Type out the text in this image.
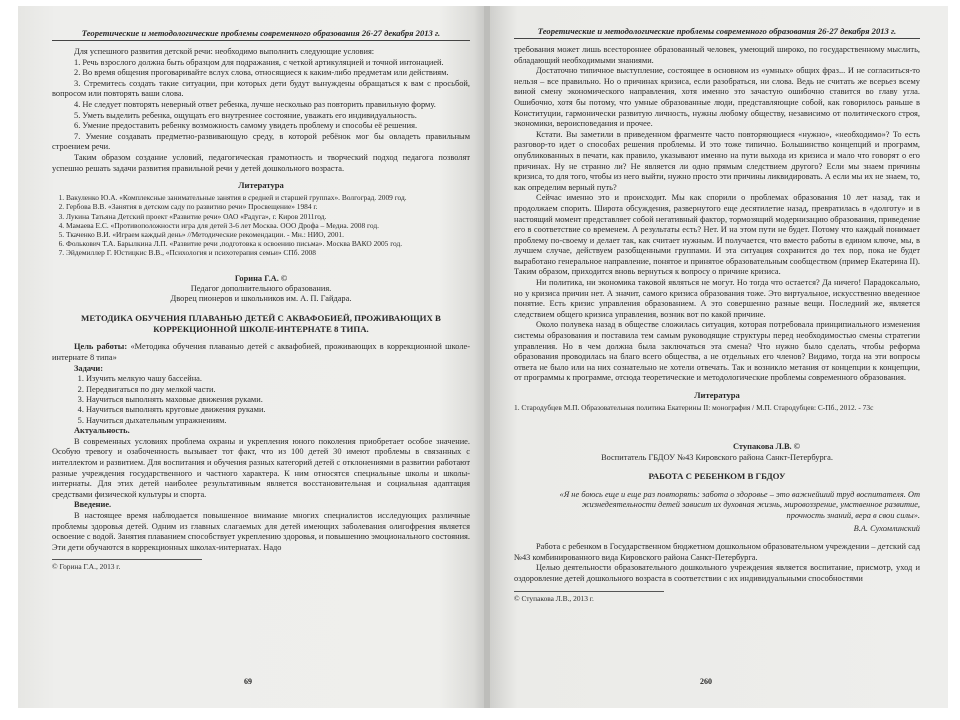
Теоретические и методологические проблемы современного образования 26-27 декабря 2013 г.

Для успешного развития детской речи: необходимо выполнить следующие условия:

1. Речь взрослого должна быть образцом для подражания, с четкой артикуляцией и точной интонацией.

2. Во время общения проговаривайте вслух слова, относящиеся к каким-либо предметам или действиям.

3. Стремитесь создать такие ситуации, при которых дети будут вынуждены обращаться к вам с просьбой, вопросом или повторять ваши слова.

4. Не следует повторять неверный ответ ребенка, лучше несколько раз повторить правильную форму.

5. Уметь выделить ребенка, ощущать его внутреннее состояние, уважать его индивидуальность.

6. Умение предоставить ребенку возможность самому увидеть проблему и способы её решения.

7. Умение создавать предметно-развивающую среду, в которой ребёнок мог бы овладеть правильным строением речи.

Таким образом создание условий, педагогическая грамотность и творческий подход педагога позволят успешно решать задачи развития правильной речи у детей дошкольного возраста.

Литература
1. Вакуленко Ю.А. «Комплексные занимательные занятия в средней и старшей группах». Волгоград. 2009 год.
2. Гербова В.В. «Занятия в детском саду по развитию речи» Просвещение» 1984 г.
3. Лукина Татьяна Детский проект «Развитие речи» ОАО «Радуга», г. Киров 2011год.
4. Мамаева Е.С. «Противоположности игра для детей 3-6 лет Москва. ООО Дрофа – Медиа. 2008 год.
5. Ткаченко В.И. «Играем каждый день» //Методические рекомендации. - Мн.: НИО, 2001.
6. Фолькович Т.А. Барылкина Л.П. «Развитие речи ,подготовка к освоению письма». Москва ВАКО 2005 год.
7. Эйдемиллер Г. Юстицкис В.В., «Психология и психотерапия семьи» СПб. 2008

Горина Г.А. ©

Педагог дополнительного образования.

Дворец пионеров и школьников им. А. П. Гайдара.

МЕТОДИКА ОБУЧЕНИЯ ПЛАВАНЬЮ ДЕТЕЙ С АКВАФОБИЕЙ, ПРОЖИВАЮЩИХ В КОРРЕКЦИОННОЙ ШКОЛЕ-ИНТЕРНАТЕ 8 ТИПА.

Цель работы: «Методика обучения плаванью детей с аквафобией, проживающих в коррекционной школе-интернате 8 типа»

Задачи:

1. Изучить мелкую чашу бассейна.
2. Передвигаться по дну мелкой части.
3. Научиться выполнять маховые движения руками.
4. Научиться выполнять круговые движения руками.
5. Научиться дыхательным упражнениям.

Актуальность.

В современных условиях проблема охраны и укрепления юного поколения приобретает особое значение. Особую тревогу и озабоченность вызывает тот факт, что из 100 детей 30 имеют проблемы в связанных с интеллектом и развитием. Для воспитания и обучения разных категорий детей с отклонениями в развитии работают разные учреждения государственного и частного характера. К ним относятся специальные школы и школы-интернаты. Для этих детей наиболее результативным является восстановительная и социальная адаптация средствами физической культуры и спорта.

Введение.

В настоящее время наблюдается повышенное внимание многих специалистов исследующих различные проблемы здоровья детей. Одним из главных слагаемых для детей имеющих заболевания олигофрения является освоение с водой. Занятия плаванием способствует укреплению здоровья, и повышению эмоционального состояния. Эти дети обучаются в коррекционных школах-интернатах. Надо

© Горина Г.А., 2013 г.

69
Теоретические и методологические проблемы современного образования 26-27 декабря 2013 г.

требования может лишь всестороннее образованный человек, умеющий широко, по государственному мыслить, обладающий необходимыми знаниями.

Достаточно типичное выступление, состоящее в основном из «умных» общих фраз... И не согласиться-то нельзя – все правильно. Но о причинах кризиса, если разобраться, ни слова. Ведь не считать же всерьез всему виной смену экономического направления, хотя именно это зачастую ошибочно ставится во главу угла. Ошибочно, хотя бы потому, что умные образованные люди, представляющие собой, как говорилось раньше в Конституции, гармонически развитую личность, нужны любому обществу, независимо от политического строя, экономики, вероисповедания и прочее.

Кстати. Вы заметили в приведенном фрагменте часто повторяющиеся «нужно», «необходимо»? То есть разговор-то идет о способах решения проблемы. И это тоже типично. Большинство концепций и программ, опубликованных в печати, как правило, указывают именно на пути выхода из кризиса и мало что говорят о его причинах. Ну не странно ли? Не является ли одно прямым следствием другого? Если мы знаем причины кризиса, то для того, чтобы из него выйти, нужно просто эти причины ликвидировать. А если мы их не знаем, то, как определим верный путь?

Сейчас именно это и происходит. Мы как спорили о проблемах образования 10 лет назад, так и продолжаем спорить. Широта обсуждения, развернутого еще десятилетие назад, превратилась в «долготу» и в настоящий момент представляет собой негативный фактор, тормозящий модернизацию образования, приведение его в соответствие со временем. А результаты есть? Нет. И на этом пути не будет. Потому что каждый понимает проблему по-своему и делает так, как считает нужным. И получается, что вместо работы в едином ключе, мы, в лучшем случае, действуем разобщенными группами. И эта ситуация сохранится до тех пор, пока не будет выработано генеральное направление, понятое и принятое образовательным сообществом (пример Екатерина II). Таким образом, приходится вновь вернуться к вопросу о причине кризиса.

Ни политика, ни экономика таковой являться не могут. Но тогда что остается? Да ничего! Парадоксально, но у кризиса причин нет. А значит, самого кризиса образования тоже. Это виртуальное, искусственно введенное понятие. Есть кризис управления образованием. А это совершенно разные вещи. Последний же, является следствием общего кризиса управления, возник вот по какой причине.

Около полувека назад в обществе сложилась ситуация, которая потребовала принципиального изменения системы образования и поставила тем самым руководящие структуры перед необходимостью смены стратегии управления. Но в чем должна была заключаться эта смена? Что нужно было сделать, чтобы реформа образования проводилась на благо всего общества, а не отдельных его членов? Видимо, тогда на эти вопросы ответа не было или на них сознательно не хотели отвечать. Так и возникло метания от концепции к концепции, от программы к программе, отсюда теоретические и методологические проблемы современного образования.

Литература

1. Стародубцев М.П. Образовательная политика Екатерины II: монография / М.П. Стародубцев: С-Пб., 2012. - 73с

Ступакова Л.В. ©

Воспитатель ГБДОУ №43 Кировского района Санкт-Петербурга.

РАБОТА С РЕБЕНКОМ В ГБДОУ

«Я не боюсь еще и еще раз повторять: забота о здоровье – это важнейший труд воспитателя. От жизнедеятельности детей зависит их духовная жизнь, мировоззрение, умственное развитие, прочность знаний, вера в свои силы».

В.А. Сухомлинский

Работа с ребенком в Государственном бюджетном дошкольном образовательном учреждении – детский сад №43 комбинированного вида Кировского района Санкт-Петербурга.

Целью деятельности образовательного дошкольного учреждения является воспитание, присмотр, уход и оздоровление детей дошкольного возраста в соответствии с их индивидуальными способностями

© Ступакова Л.В., 2013 г.

260
